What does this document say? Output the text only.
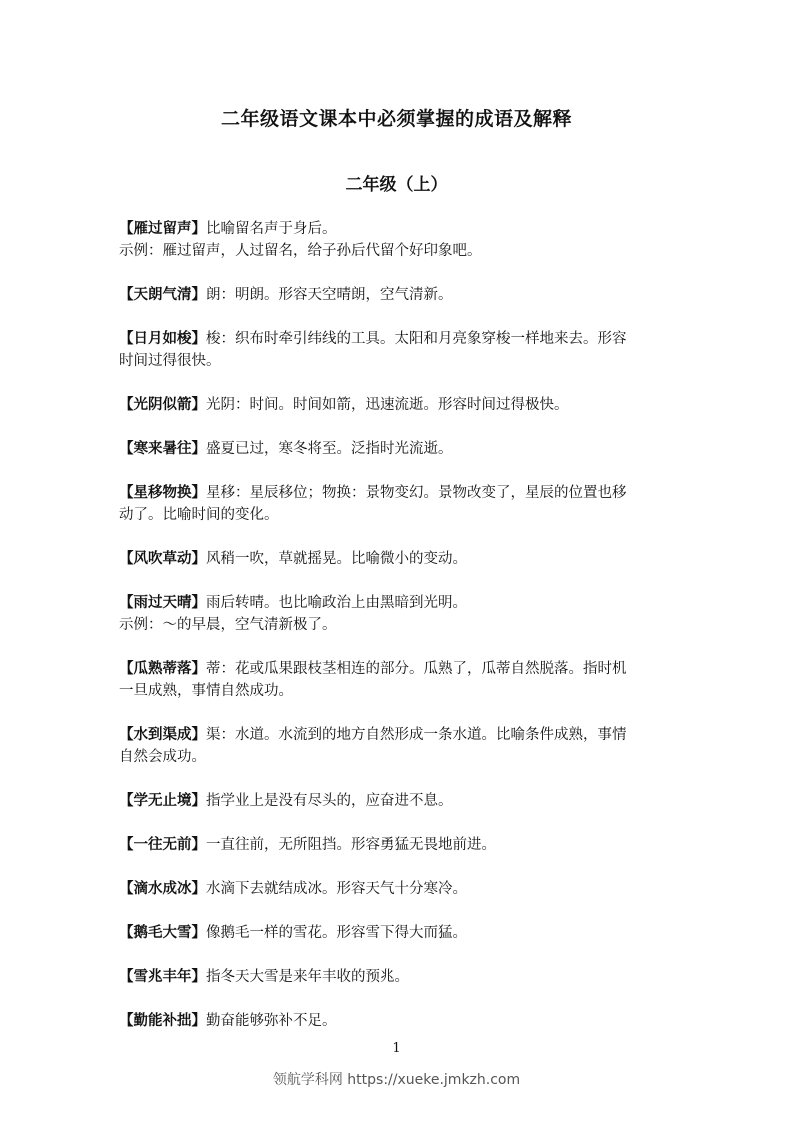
二年级语文课本中必须掌握的成语及解释
二年级（上）
【雁过留声】比喻留名声于身后。
示例：雁过留声，人过留名，给子孙后代留个好印象吧。
【天朗气清】朗：明朗。形容天空晴朗，空气清新。
【日月如梭】梭：织布时牵引纬线的工具。太阳和月亮象穿梭一样地来去。形容
时间过得很快。
【光阴似箭】光阴：时间。时间如箭，迅速流逝。形容时间过得极快。
【寒来暑往】盛夏已过，寒冬将至。泛指时光流逝。
【星移物换】星移：星辰移位；物换：景物变幻。景物改变了，星辰的位置也移
动了。比喻时间的变化。
【风吹草动】风稍一吹，草就摇晃。比喻微小的变动。
【雨过天晴】雨后转晴。也比喻政治上由黑暗到光明。
示例：～的早晨，空气清新极了。
【瓜熟蒂落】蒂：花或瓜果跟枝茎相连的部分。瓜熟了，瓜蒂自然脱落。指时机
一旦成熟，事情自然成功。
【水到渠成】渠：水道。水流到的地方自然形成一条水道。比喻条件成熟，事情
自然会成功。
【学无止境】指学业上是没有尽头的，应奋进不息。
【一往无前】一直往前，无所阻挡。形容勇猛无畏地前进。
【滴水成冰】水滴下去就结成冰。形容天气十分寒冷。
【鹅毛大雪】像鹅毛一样的雪花。形容雪下得大而猛。
【雪兆丰年】指冬天大雪是来年丰收的预兆。
【勤能补拙】勤奋能够弥补不足。
1
领航学科网 https://xueke.jmkzh.com
